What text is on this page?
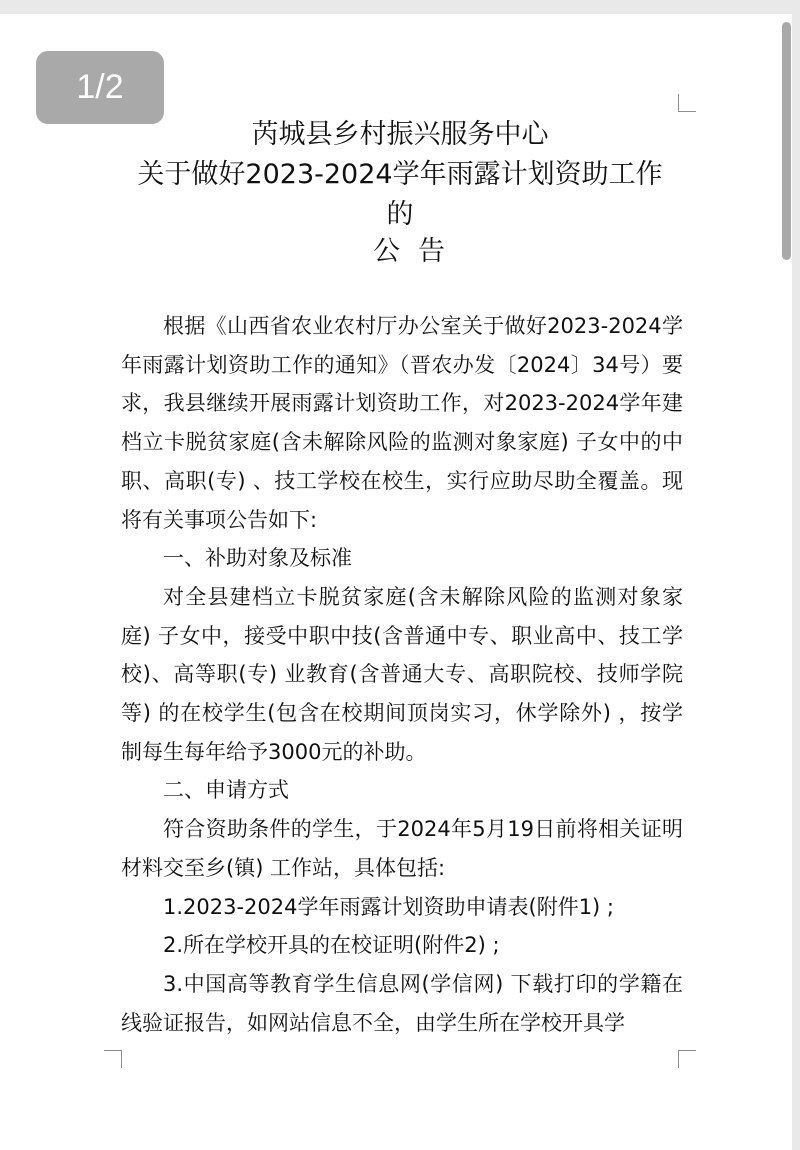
1/2
芮城县乡村振兴服务中心
关于做好2023-2024学年雨露计划资助工作
的
公告

根据《山西省农业农村厅办公室关于做好2023-2024学年雨露计划资助工作的通知》（晋农办发〔2024〕34号）要求，我县继续开展雨露计划资助工作，对2023-2024学年建档立卡脱贫家庭(含未解除风险的监测对象家庭) 子女中的中职、高职(专) 、技工学校在校生，实行应助尽助全覆盖。现将有关事项公告如下:

一、补助对象及标准

对全县建档立卡脱贫家庭(含未解除风险的监测对象家庭) 子女中，接受中职中技(含普通中专、职业高中、技工学校)、高等职(专) 业教育(含普通大专、高职院校、技师学院等) 的在校学生(包含在校期间顶岗实习，休学除外) ，按学制每生每年给予3000元的补助。

二、申请方式

符合资助条件的学生，于2024年5月19日前将相关证明材料交至乡(镇) 工作站，具体包括:

1.2023-2024学年雨露计划资助申请表(附件1) ;

2.所在学校开具的在校证明(附件2) ;

3.中国高等教育学生信息网(学信网) 下载打印的学籍在线验证报告，如网站信息不全，由学生所在学校开具学
